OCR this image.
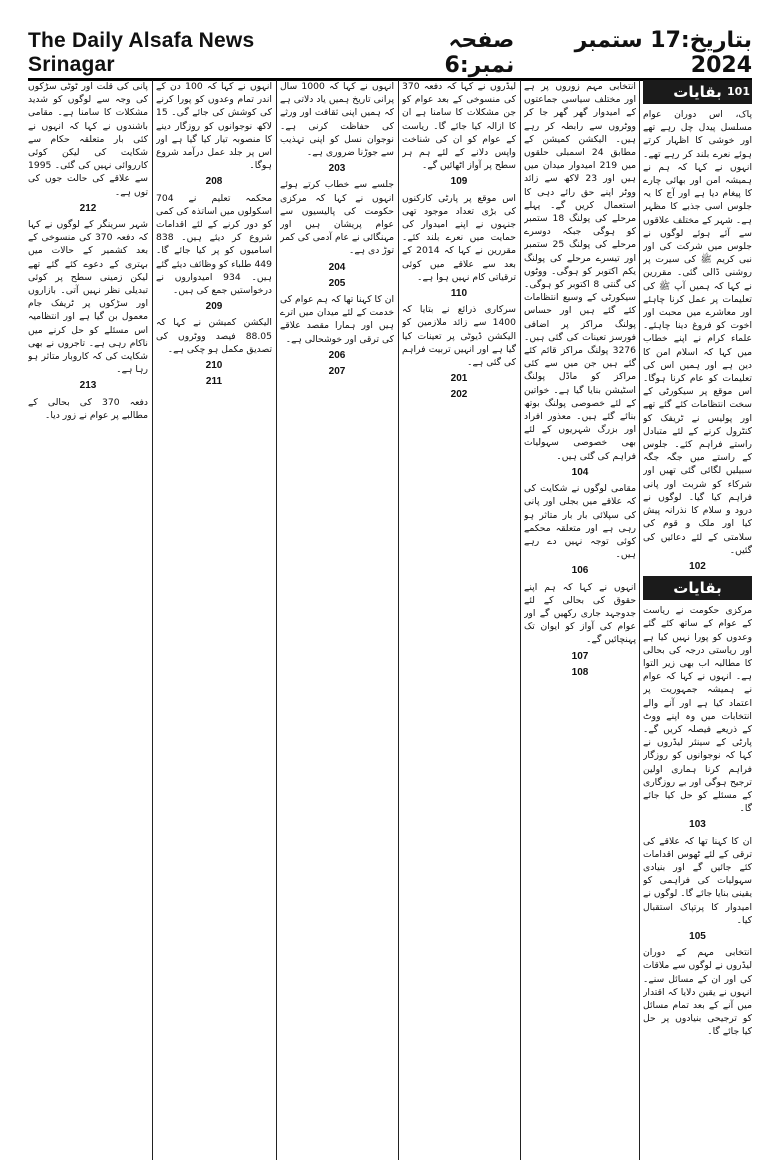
The Daily Alsafa News Srinagar
صفحہ نمبر:6
بتاریخ:17 ستمبر 2024
بقایات 101

پاک، اس دوران عوام مسلسل پیدل چل رہے تھے اور خوشی کا اظہار کرتے ہوئے نعرے بلند کر رہے تھے۔ انہوں نے کہا کہ ہم نے ہمیشہ امن اور بھائی چارے کا پیغام دیا ہے اور آج کا یہ جلوس اسی جذبے کا مظہر ہے۔ شہر کے مختلف علاقوں سے آئے ہوئے لوگوں نے جلوس میں شرکت کی اور نبی کریم ﷺ کی سیرت پر روشنی ڈالی گئی۔ مقررین نے کہا کہ ہمیں آپ ﷺ کی تعلیمات پر عمل کرنا چاہئے اور معاشرے میں محبت اور اخوت کو فروغ دینا چاہئے۔ علماء کرام نے اپنے خطاب میں کہا کہ اسلام امن کا دین ہے اور ہمیں اس کی تعلیمات کو عام کرنا ہوگا۔ اس موقع پر سیکورٹی کے سخت انتظامات کئے گئے تھے اور پولیس نے ٹریفک کو کنٹرول کرنے کے لئے متبادل راستے فراہم کئے۔ جلوس کے راستے میں جگہ جگہ سبیلیں لگائی گئی تھیں اور شرکاء کو شربت اور پانی فراہم کیا گیا۔ لوگوں نے درود و سلام کا نذرانہ پیش کیا اور ملک و قوم کی سلامتی کے لئے دعائیں کی گئیں۔

102
بقایات

مرکزی حکومت نے ریاست کے عوام کے ساتھ کئے گئے وعدوں کو پورا نہیں کیا ہے اور ریاستی درجہ کی بحالی کا مطالبہ اب بھی زیر التوا ہے۔ انہوں نے کہا کہ عوام نے ہمیشہ جمہوریت پر اعتماد کیا ہے اور آنے والے انتخابات میں وہ اپنے ووٹ کے ذریعے فیصلہ کریں گے۔ پارٹی کے سینئر لیڈروں نے کہا کہ نوجوانوں کو روزگار فراہم کرنا ہماری اولین ترجیح ہوگی اور بے روزگاری کے مسئلے کو حل کیا جائے گا۔

103

ان کا کہنا تھا کہ علاقے کی ترقی کے لئے ٹھوس اقدامات کئے جائیں گے اور بنیادی سہولیات کی فراہمی کو یقینی بنایا جائے گا۔ لوگوں نے امیدوار کا پرتپاک استقبال کیا۔

105

انتخابی مہم کے دوران لیڈروں نے لوگوں سے ملاقات کی اور ان کے مسائل سنے۔ انہوں نے یقین دلایا کہ اقتدار میں آنے کے بعد تمام مسائل کو ترجیحی بنیادوں پر حل کیا جائے گا۔

انتخابی مہم زوروں پر ہے اور مختلف سیاسی جماعتوں کے امیدوار گھر گھر جا کر ووٹروں سے رابطہ کر رہے ہیں۔ الیکشن کمیشن کے مطابق 24 اسمبلی حلقوں میں 219 امیدوار میدان میں ہیں اور 23 لاکھ سے زائد ووٹر اپنے حق رائے دہی کا استعمال کریں گے۔ پہلے مرحلے کی پولنگ 18 ستمبر کو ہوگی جبکہ دوسرے مرحلے کی پولنگ 25 ستمبر اور تیسرے مرحلے کی پولنگ یکم اکتوبر کو ہوگی۔ ووٹوں کی گنتی 8 اکتوبر کو ہوگی۔ سیکورٹی کے وسیع انتظامات کئے گئے ہیں اور حساس پولنگ مراکز پر اضافی فورسز تعینات کی گئی ہیں۔ 3276 پولنگ مراکز قائم کئے گئے ہیں جن میں سے کئی مراکز کو ماڈل پولنگ اسٹیشن بنایا گیا ہے۔ خواتین کے لئے خصوصی پولنگ بوتھ بنائے گئے ہیں۔ معذور افراد اور بزرگ شہریوں کے لئے بھی خصوصی سہولیات فراہم کی گئی ہیں۔

104

مقامی لوگوں نے شکایت کی کہ علاقے میں بجلی اور پانی کی سپلائی بار بار متاثر ہو رہی ہے اور متعلقہ محکمے کوئی توجہ نہیں دے رہے ہیں۔

106

انہوں نے کہا کہ ہم اپنے حقوق کی بحالی کے لئے جدوجہد جاری رکھیں گے اور عوام کی آواز کو ایوان تک پہنچائیں گے۔

107
108

لیڈروں نے کہا کہ دفعہ 370 کی منسوخی کے بعد عوام کو جن مشکلات کا سامنا ہے ان کا ازالہ کیا جائے گا۔ ریاست کے عوام کو ان کی شناخت واپس دلانے کے لئے ہم ہر سطح پر آواز اٹھائیں گے۔

109

اس موقع پر پارٹی کارکنوں کی بڑی تعداد موجود تھی جنہوں نے اپنے امیدوار کی حمایت میں نعرے بلند کئے۔ مقررین نے کہا کہ 2014 کے بعد سے علاقے میں کوئی ترقیاتی کام نہیں ہوا ہے۔

110

سرکاری ذرائع نے بتایا کہ 1400 سے زائد ملازمین کو الیکشن ڈیوٹی پر تعینات کیا گیا ہے اور انہیں تربیت فراہم کی گئی ہے۔

201
202

انہوں نے کہا کہ 1000 سال پرانی تاریخ ہمیں یاد دلاتی ہے کہ ہمیں اپنی ثقافت اور ورثے کی حفاظت کرنی ہے۔ نوجوان نسل کو اپنی تہذیب سے جوڑنا ضروری ہے۔

203

جلسے سے خطاب کرتے ہوئے انہوں نے کہا کہ مرکزی حکومت کی پالیسیوں سے عوام پریشان ہیں اور مہنگائی نے عام آدمی کی کمر توڑ دی ہے۔

204
205

ان کا کہنا تھا کہ ہم عوام کی خدمت کے لئے میدان میں اترے ہیں اور ہمارا مقصد علاقے کی ترقی اور خوشحالی ہے۔

206
207

انہوں نے کہا کہ 100 دن کے اندر تمام وعدوں کو پورا کرنے کی کوشش کی جائے گی۔ 15 لاکھ نوجوانوں کو روزگار دینے کا منصوبہ تیار کیا گیا ہے اور اس پر جلد عمل درآمد شروع ہوگا۔

208

محکمہ تعلیم نے 704 اسکولوں میں اساتذہ کی کمی کو دور کرنے کے لئے اقدامات شروع کر دیئے ہیں۔ 838 اسامیوں کو پر کیا جائے گا۔ 449 طلباء کو وظائف دیئے گئے ہیں۔ 934 امیدواروں نے درخواستیں جمع کی ہیں۔

209

الیکشن کمیشن نے کہا کہ 88.05 فیصد ووٹروں کی تصدیق مکمل ہو چکی ہے۔

210
211

پانی کی قلت اور ٹوٹی سڑکوں کی وجہ سے لوگوں کو شدید مشکلات کا سامنا ہے۔ مقامی باشندوں نے کہا کہ انہوں نے کئی بار متعلقہ حکام سے شکایت کی لیکن کوئی کارروائی نہیں کی گئی۔ 1995 سے علاقے کی حالت جوں کی توں ہے۔

212

شہر سرینگر کے لوگوں نے کہا کہ دفعہ 370 کی منسوخی کے بعد کشمیر کے حالات میں بہتری کے دعوے کئے گئے تھے لیکن زمینی سطح پر کوئی تبدیلی نظر نہیں آتی۔ بازاروں اور سڑکوں پر ٹریفک جام معمول بن گیا ہے اور انتظامیہ اس مسئلے کو حل کرنے میں ناکام رہی ہے۔ تاجروں نے بھی شکایت کی کہ کاروبار متاثر ہو رہا ہے۔

213

دفعہ 370 کی بحالی کے مطالبے پر عوام نے زور دیا۔
